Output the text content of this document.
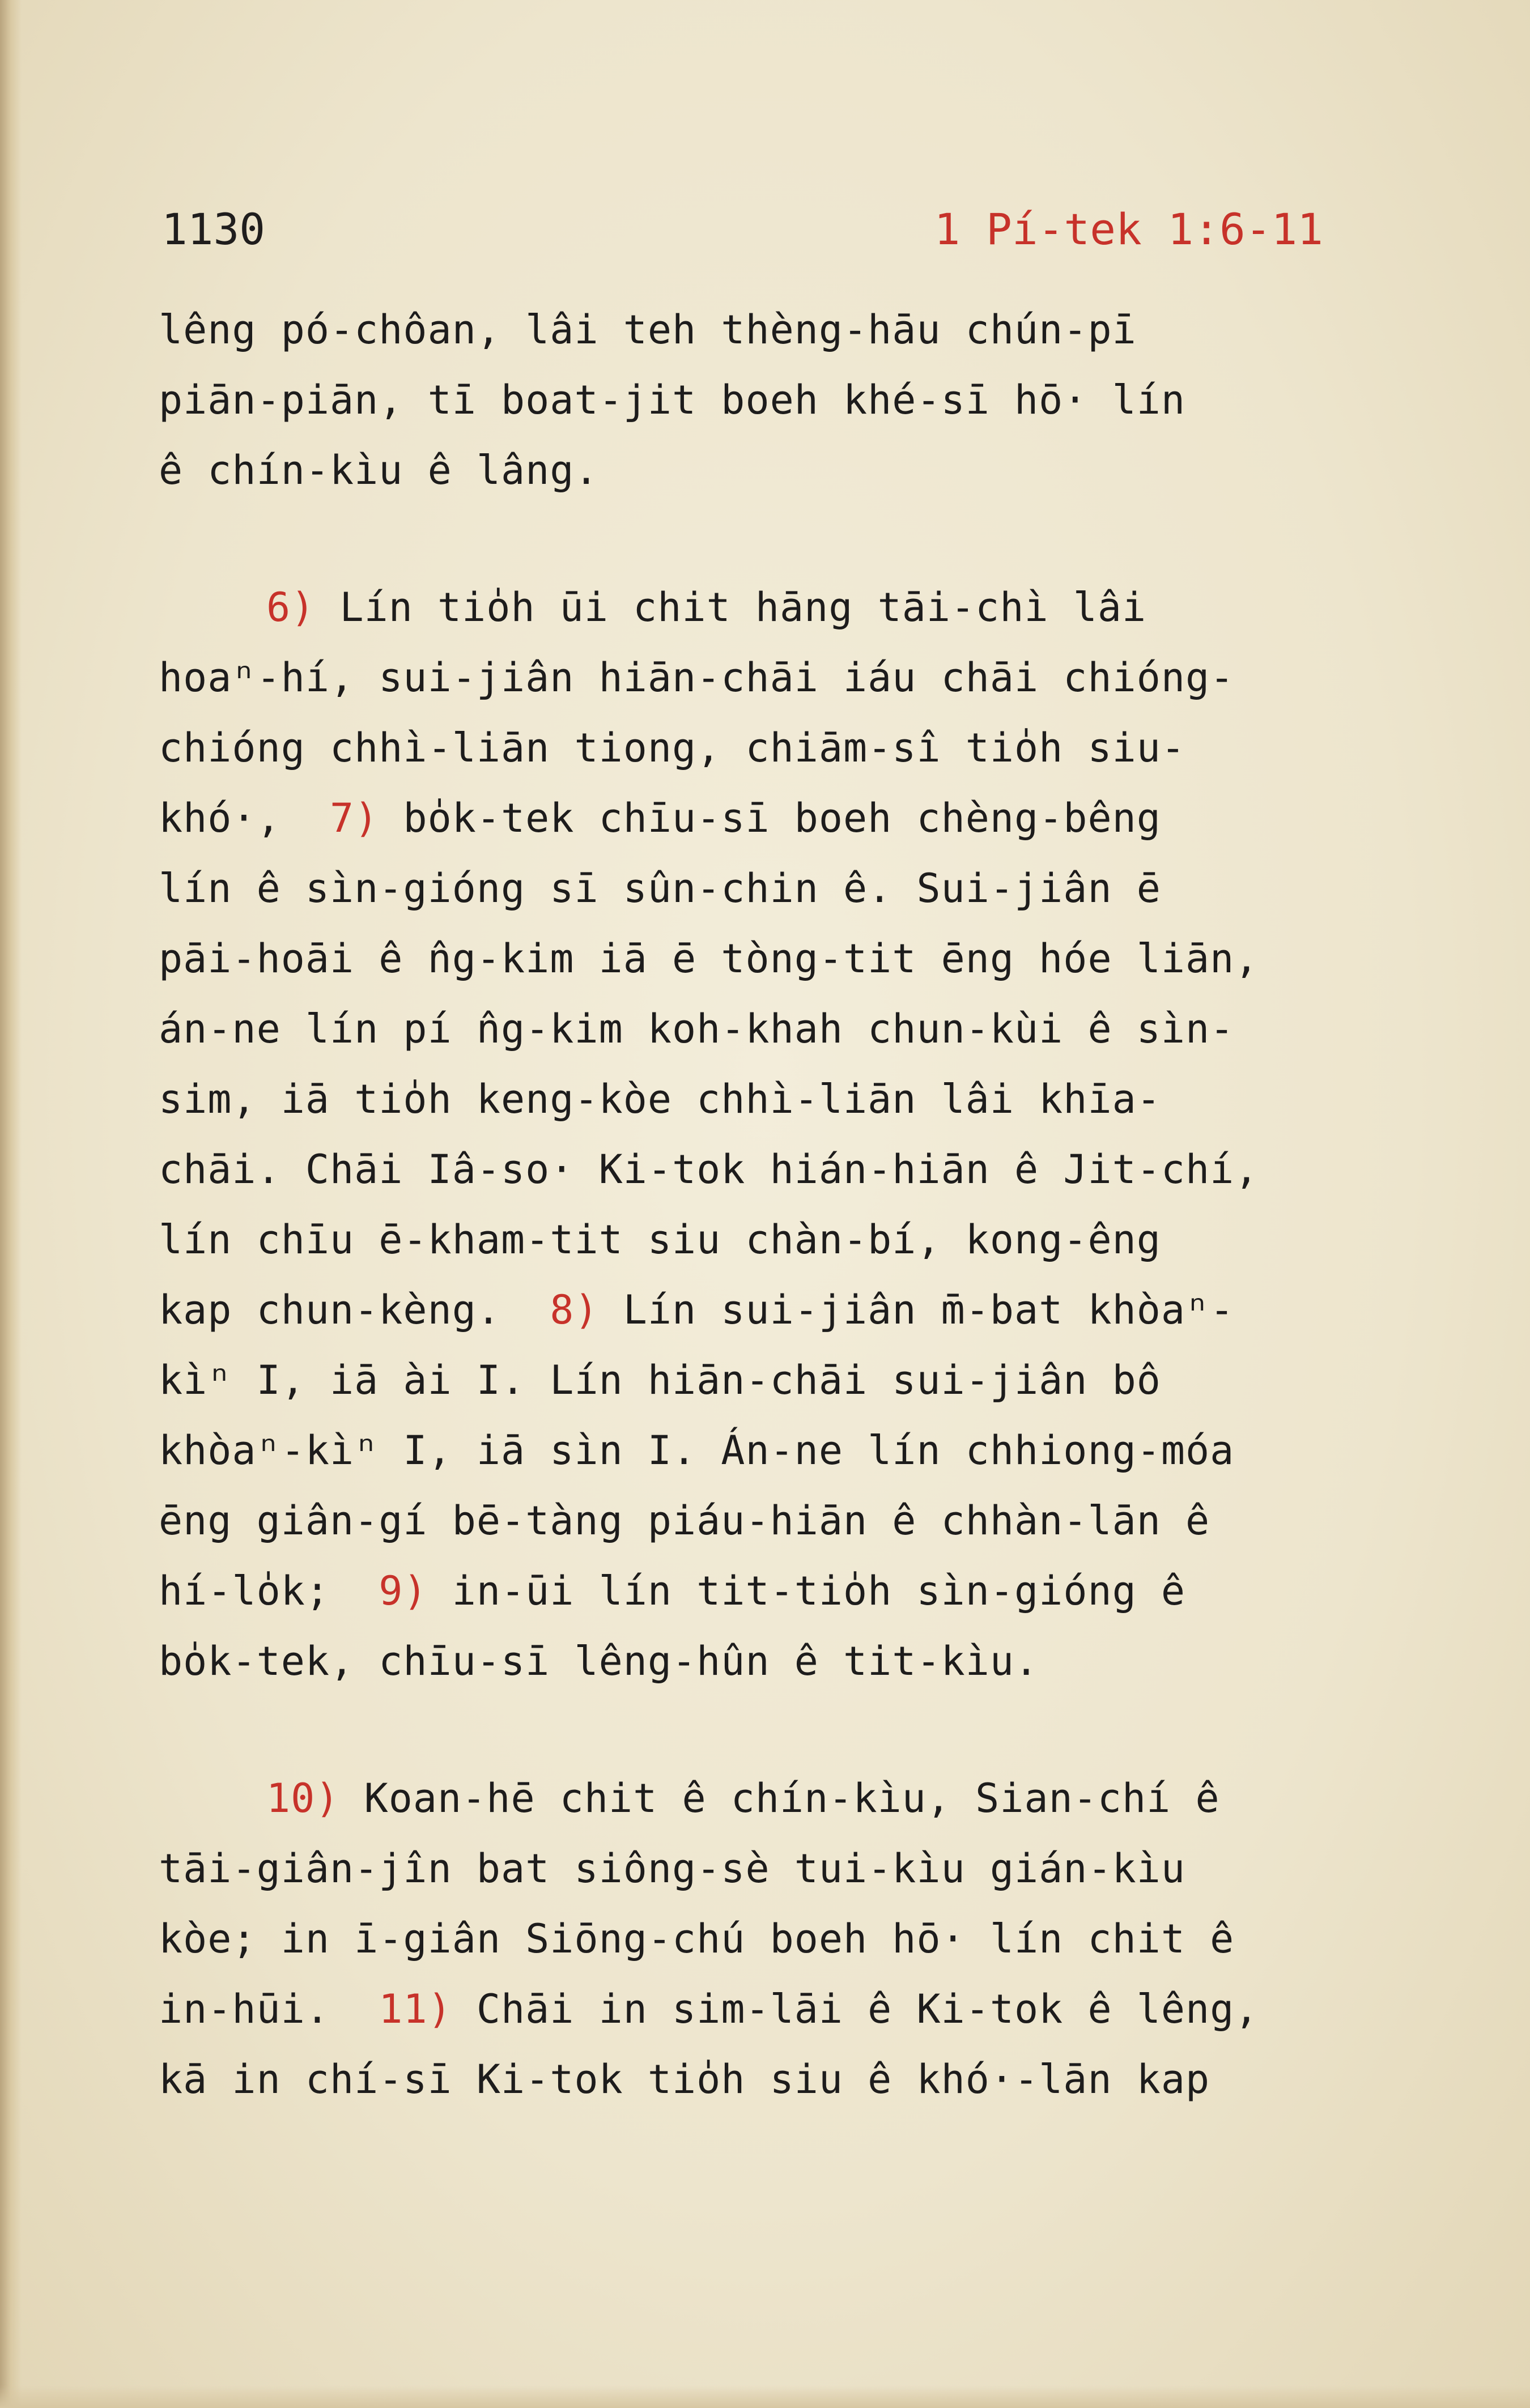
1130	1 Pí-tek 1:6-11
lêng pó-chôan, lâi teh thèng-hāu chún-pī
piān-piān, tī boat-jit boeh khé-sī hō· lín
ê chín-kìu ê lâng.
6) Lín tio̍h ūi chit hāng tāi-chì lâi
hoaⁿ-hí, sui-jiân hiān-chāi iáu chāi chióng-
chióng chhì-liān tiong, chiām-sî tio̍h siu-
khó·,  7) bo̍k-tek chīu-sī boeh chèng-bêng
lín ê sìn-gióng sī sûn-chin ê. Sui-jiân ē
pāi-hoāi ê n̂g-kim iā ē tòng-tit ēng hóe liān,
án-ne lín pí n̂g-kim koh-khah chun-kùi ê sìn-
sim, iā tio̍h keng-kòe chhì-liān lâi khīa-
chāi. Chāi Iâ-so· Ki-tok hián-hiān ê Jit-chí,
lín chīu ē-kham-tit siu chàn-bí, kong-êng
kap chun-kèng.  8) Lín sui-jiân m̄-bat khòaⁿ-
kìⁿ I, iā ài I. Lín hiān-chāi sui-jiân bô
khòaⁿ-kìⁿ I, iā sìn I. Án-ne lín chhiong-móa
ēng giân-gí bē-tàng piáu-hiān ê chhàn-lān ê
hí-lo̍k;  9) in-ūi lín tit-tio̍h sìn-gióng ê
bo̍k-tek, chīu-sī lêng-hûn ê tit-kìu.
10) Koan-hē chit ê chín-kìu, Sian-chí ê
tāi-giân-jîn bat siông-sè tui-kìu gián-kìu
kòe; in ī-giân Siōng-chú boeh hō· lín chit ê
in-hūi.  11) Chāi in sim-lāi ê Ki-tok ê lêng,
kā in chí-sī Ki-tok tio̍h siu ê khó·-lān kap
